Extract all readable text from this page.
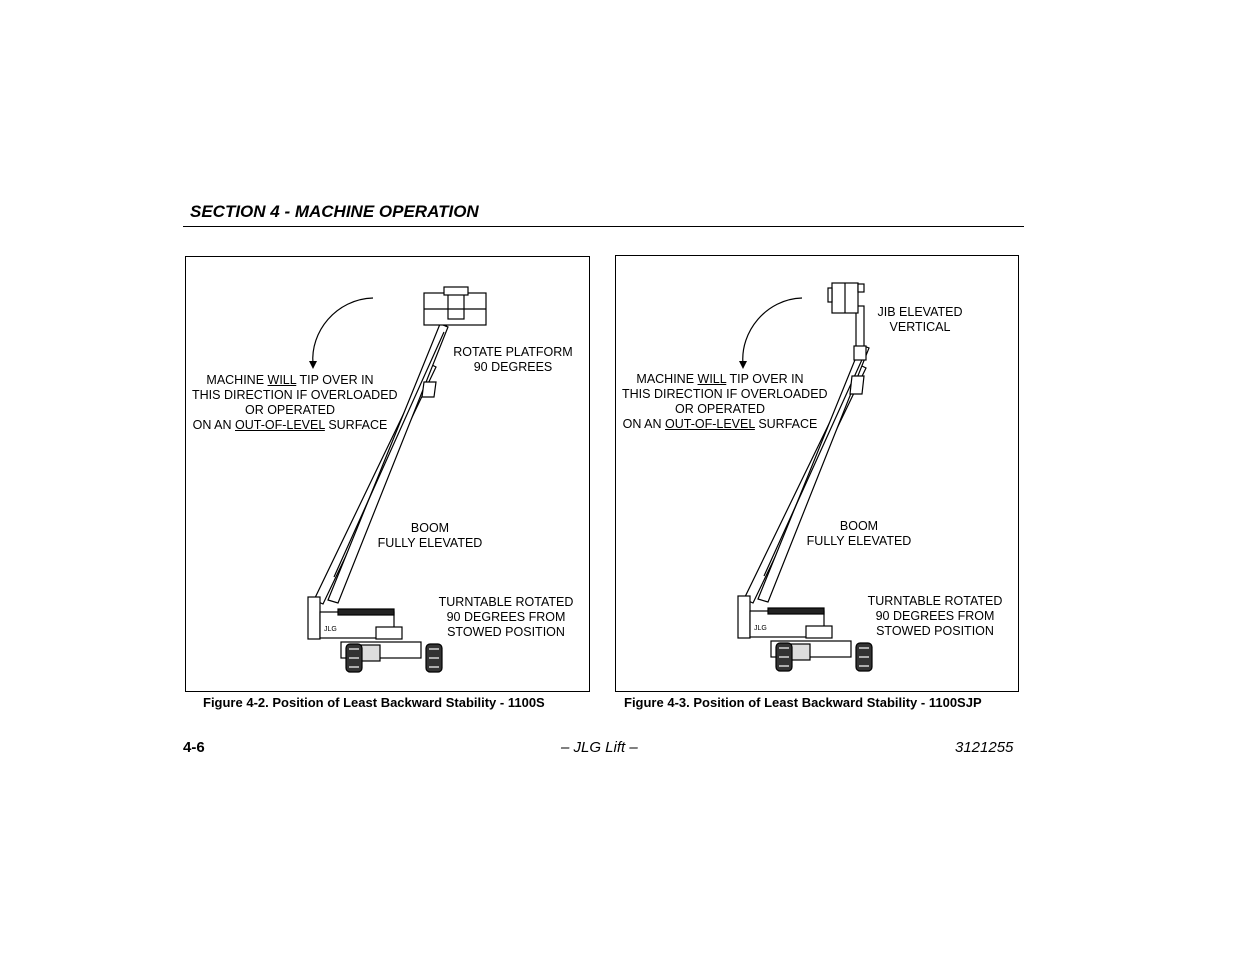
SECTION 4 - MACHINE OPERATION
JLG
MACHINE WILL TIP OVER IN
THIS DIRECTION IF OVERLOADED
OR OPERATED
ON AN OUT-OF-LEVEL SURFACE
ROTATE PLATFORM
90 DEGREES
BOOM
FULLY ELEVATED
TURNTABLE ROTATED
90 DEGREES FROM
STOWED POSITION
Figure 4-2. Position of Least Backward Stability - 1100S
JLG
MACHINE WILL TIP OVER IN
THIS DIRECTION IF OVERLOADED
OR OPERATED
ON AN OUT-OF-LEVEL SURFACE
JIB ELEVATED
VERTICAL
BOOM
FULLY ELEVATED
TURNTABLE ROTATED
90 DEGREES FROM
STOWED POSITION
Figure 4-3. Position of Least Backward Stability - 1100SJP
4-6	– JLG Lift –	3121255
